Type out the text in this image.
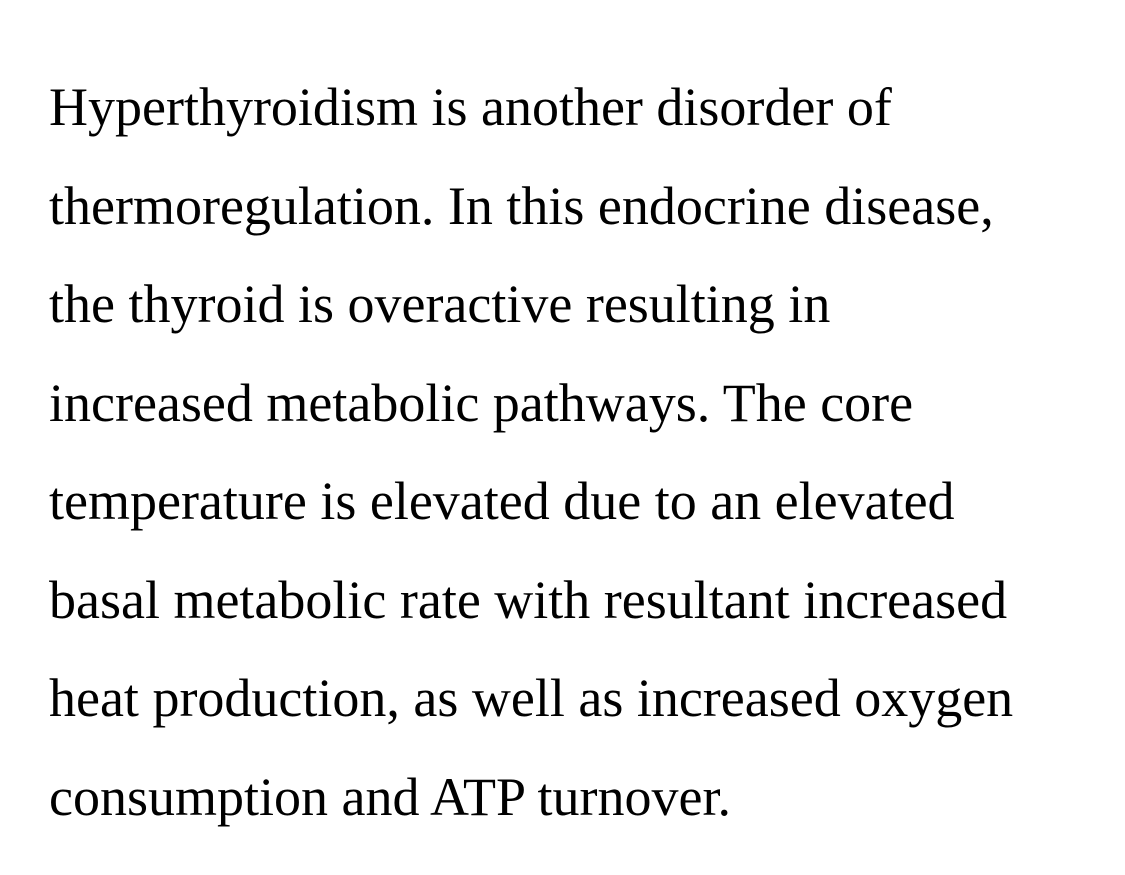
Hyperthyroidism is another disorder of
thermoregulation. In this endocrine disease,
the thyroid is overactive resulting in
increased metabolic pathways. The core
temperature is elevated due to an elevated
basal metabolic rate with resultant increased
heat production, as well as increased oxygen
consumption and ATP turnover.
